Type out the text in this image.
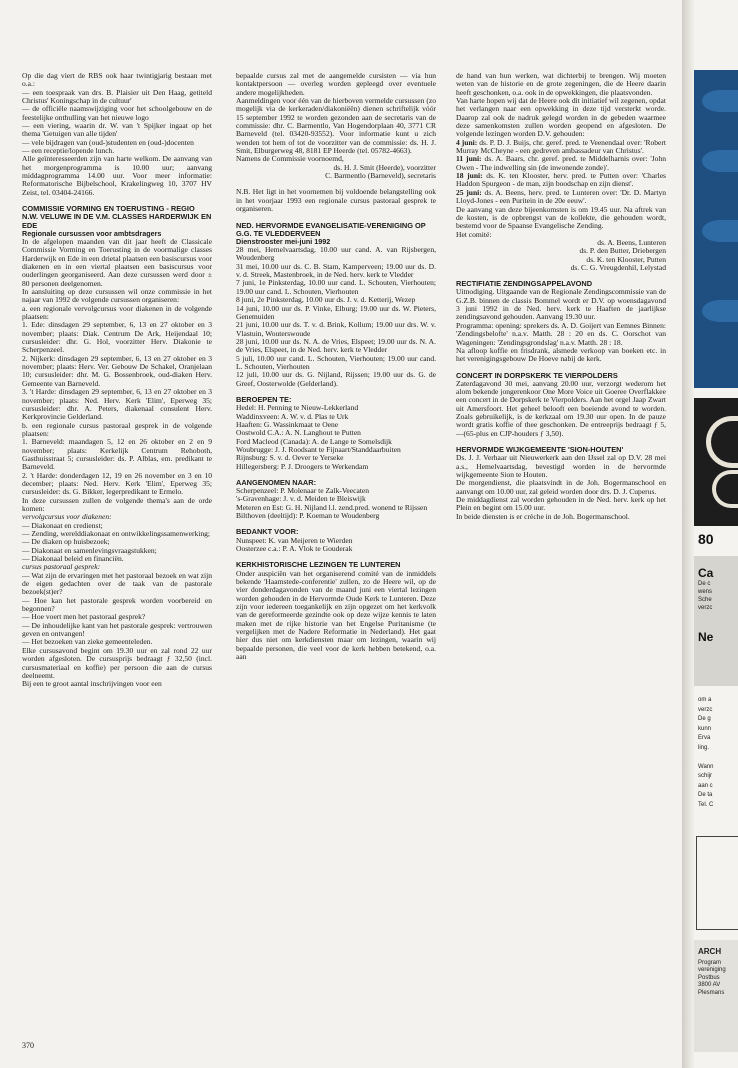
Op die dag viert de RBS ook haar twintigjarig bestaan met o.a.:

— een toespraak van drs. B. Plaisier uit Den Haag, getiteld Christus' Koningschap in de cultuur'

— de officiële naamswijziging voor het schoolgebouw en de feestelijke onthulling van het nieuwe logo

— een viering, waarin dr. W. van 't Spijker ingaat op het thema 'Getuigen van alle tijden'

— vele bijdragen van (oud-)studenten en (oud-)docenten

— een receptie/lopende lunch.

Alle geïnteresseerden zijn van harte welkom. De aanvang van het morgenprogramma is 10.00 uur; aanvang middagprogramma 14.00 uur. Voor meer informatie: Reformatorische Bijbelschool, Krakelingweg 10, 3707 HV Zeist, tel. 03404-24166.

COMMISSIE VORMING EN TOERUSTING - REGIO N.W. VELUWE IN DE V.M. CLASSES HARDERWIJK EN EDE

Regionale cursussen voor ambtsdragers

In de afgelopen maanden van dit jaar heeft de Classicale Commissie Vorming en Toerusting in de voormalige classes Harderwijk en Ede in een drietal plaatsen een basiscursus voor diakenen en in een viertal plaatsen een basiscursus voor ouderlingen georganiseerd. Aan deze cursussen werd door ± 80 personen deelgenomen.

In aansluiting op deze cursussen wil onze commissie in het najaar van 1992 de volgende cursussen organiseren:

a. een regionale vervolgcursus voor diakenen in de volgende plaatsen:

1. Ede: dinsdagen 29 september, 6, 13 en 27 oktober en 3 november; plaats: Diak. Centrum De Ark, Heijendaal 10; cursusleider: dhr. G. Hol, voorzitter Herv. Diakonie te Scherpenzeel.

2. Nijkerk: dinsdagen 29 september, 6, 13 en 27 oktober en 3 november; plaats: Herv. Ver. Gebouw De Schakel, Oranjelaan 10; cursusleider: dhr. M. G. Bossenbroek, oud-diaken Herv. Gemeente van Barneveld.

3. 't Harde: dinsdagen 29 september, 6, 13 en 27 oktober en 3 november; plaats: Ned. Herv. Kerk 'Elim', Eperweg 35; cursusleider: dhr. A. Peters, diakenaal consulent Herv. Kerkprovincie Gelderland.

b. een regionale cursus pastoraal gesprek in de volgende plaatsen:

1. Barneveld: maandagen 5, 12 en 26 oktober en 2 en 9 november; plaats: Kerkelijk Centrum Rehoboth, Gasthuisstraat 5; cursusleider: ds. P. Alblas, em. predikant te Barneveld.

2. 't Harde: donderdagen 12, 19 en 26 november en 3 en 10 december; plaats: Ned. Herv. Kerk 'Elim', Eperweg 35; cursusleider: ds. G. Bikker, legerpredikant te Ermelo.

In deze cursussen zullen de volgende thema's aan de orde komen:

vervolgcursus voor diakenen:

— Diakonaat en credienst;

— Zending, werelddiakonaat en ontwikkelingssamenwerking;

— De diaken op huisbezoek;

— Diakonaat en samenlevingsvraagstukken;

— Diakonaal beleid en financiën.

cursus pastoraal gesprek:

— Wat zijn de ervaringen met het pastoraal bezoek en wat zijn de eigen gedachten over de taak van de pastorale bezoek(st)er?

— Hoe kan het pastorale gesprek worden voorbereid en begonnen?

— Hoe voert men het pastoraal gesprek?

— De inhoudelijke kant van het pastorale gesprek: vertrouwen geven en ontvangen!

— Het bezoeken van zieke gemeenteleden.

Elke cursusavond begint om 19.30 uur en zal rond 22 uur worden afgesloten. De cursusprijs bedraagt ƒ 32,50 (incl. cursusmateriaal en koffie) per persoon die aan de cursus deelneemt.

Bij een te groot aantal inschrijvingen voor een

bepaalde cursus zal met de aangemelde cursisten — via hun kontaktpersoon — overleg worden gepleegd over eventuele andere mogelijkheden.

Aanmeldingen voor één van de hierboven vermelde cursussen (zo mogelijk via de kerkeraden/diakoniëën) dienen schriftelijk vóór 15 september 1992 te worden gezonden aan de secretaris van de commissie: dhr. C. Barmentlo, Van Hogendorplaan 40, 3771 CR Barneveld (tel. 03420-93552). Voor informatie kunt u zich wenden tot hem of tot de voorzitter van de commissie: ds. H. J. Smit, Elburgerweg 48, 8181 EP Heerde (tel. 05782-4663).

Namens de Commissie voornoemd,

ds. H. J. Smit (Heerde), voorzitter

C. Barmentlo (Barneveld), secretaris

N.B. Het ligt in het voornemen bij voldoende belangstelling ook in het voorjaar 1993 een regionale cursus pastoraal gesprek te organiseren.

NED. HERVORMDE EVANGELISATIE-VERENIGING OP G.G. TE VLEDDERVEEN

Dienstrooster mei-juni 1992

28 mei, Hemelvaartsdag, 10.00 uur cand. A. van Rijsbergen, Woudenberg

31 mei, 10.00 uur ds. C. B. Stam, Kamperveen; 19.00 uur ds. D. v. d. Streek, Mastenbroek, in de Ned. herv. kerk te Vledder

7 juni, 1e Pinksterdag, 10.00 uur cand. L. Schouten, Vierhouten; 19.00 uur cand. L. Schouten, Vierhouten

8 juni, 2e Pinksterdag, 10.00 uur ds. J. v. d. Ketterij, Wezep

14 juni, 10.00 uur ds. P. Vinke, Elburg; 19.00 uur ds. W. Pieters, Genemuiden

21 juni, 10.00 uur ds. T. v. d. Brink, Kollum; 19.00 uur drs. W. v. Vlastuin, Wouterswoude

28 juni, 10.00 uur ds. N. A. de Vries, Elspeet; 19.00 uur ds. N. A. de Vries, Elspeet, in de Ned. herv. kerk te Vledder

5 juli, 10.00 uur cand. L. Schouten, Vierhouten; 19.00 uur cand. L. Schouten, Vierhouten

12 juli, 10.00 uur ds. G. Nijland, Rijssen; 19.00 uur ds. G. de Greef, Oosterwolde (Gelderland).

BEROEPEN TE:

Hedel: H. Penning te Nieuw-Lekkerland

Waddinxveen: A. W. v. d. Plas te Urk

Haaften: G. Wassinkmaat te Oene

Oostwold C.A.: A. N. Langhout te Putten

Ford Macleod (Canada): A. de Lange te Somelsdijk

Woubrugge: J. J. Roodsant te Fijnaart/Standdaarbuiten

Rijnsburg: S. v. d. Oever te Yerseke

Hillegersberg: P. J. Droogers te Werkendam

AANGENOMEN NAAR:

Scherpenzeel: P. Molenaar te Zalk-Veecaten

's-Gravenhage: J. v. d. Meiden te Bleiswijk

Meteren en Est: G. H. Nijland l.l. zend.pred. wonend te Rijssen

Bilthoven (deeltijd): P. Koeman te Woudenberg

BEDANKT VOOR:

Nunspeet: K. van Meijeren te Wierden

Oosterzee c.a.: P. A. Vlok te Gouderak

KERKHISTORISCHE LEZINGEN TE LUNTEREN

Onder auspiciën van het organiserend comité van de inmiddels bekende 'Haamstede-conferentie' zullen, zo de Heere wil, op de vier donderdagavonden van de maand juni een viertal lezingen worden gehouden in de Hervormde Oude Kerk te Lunteren. Deze zijn voor iedereen toegankelijk en zijn opgezet om het kerkvolk van de gereformeerde gezindte ook op deze wijze kennis te laten maken met de rijke historie van het Engelse Puritanisme (te vergelijken met de Nadere Reformatie in Nederland). Het gaat hier dus niet om kerkdiensten maar om lezingen, waarin wij bepaalde personen, die veel voor de kerk hebben betekend, o.a. aan

de hand van hun werken, wat dichterbij te brengen. Wij moeten weten van de historie en de grote zegeningen, die de Heere daarin heeft geschonken, o.a. ook in de opwekkingen, die plaatsvonden.

Van harte hopen wij dat de Heere ook dit initiatief wil zegenen, opdat het verlangen naar een opwekking in deze tijd versterkt worde. Daarop zal ook de nadruk gelegd worden in de gebeden waarmee deze samenkomsten zullen worden geopend en afgesloten. De volgende lezingen worden D.V. gehouden:

4 juni: ds. P. D. J. Buijs, chr. geref. pred. te Veenendaal over: 'Robert Murray McCheyne - een gedreven ambassadeur van Christus'.

11 juni: ds. A. Baars, chr. geref. pred. te Middelharnis over: 'John Owen - The indwelling sin (de inwonende zonde)'.

18 juni: ds. K. ten Klooster, herv. pred. te Putten over: 'Charles Haddon Spurgeon - de man, zijn boodschap en zijn dienst'.

25 juni: ds. A. Beens, herv. pred. te Lunteren over: 'Dr. D. Martyn Lloyd-Jones - een Puritein in de 20e eeuw'.

De aanvang van deze bijeenkomsten is om 19.45 uur. Na aftrek van de kosten, is de opbrengst van de kollekte, die gehouden wordt, bestemd voor de Spaanse Evangelische Zending.

Het comité:

ds. A. Beens, Lunteren

ds. P. den Butter, Driebergen

ds. K. ten Klooster, Putten

ds. C. G. Vreugdenhil, Lelystad

RECTIFIATIE ZENDINGSAPPELAVOND

Uitnodiging. Uitgaande van de Regionale Zendingscommissie van de G.Z.B. binnen de classis Bommel wordt er D.V. op woensdagavond 3 juni 1992 in de Ned. herv. kerk te Haaften de jaarlijkse zendingsavond gehouden. Aanvang 19.30 uur.

Programma: opening: sprekers ds. A. D. Goijert van Eemnes Binnen: 'Zendingsbelofte' n.a.v. Matth. 28 : 20 en ds. C. Oorschot van Wageningen: 'Zendingsgrondslag' n.a.v. Matth. 28 : 18.

Na afloop koffie en frisdrank, alsmede verkoop van boeken etc. in het verenigingsgebouw De Hoeve nabij de kerk.

CONCERT IN DORPSKERK TE VIERPOLDERS

Zaterdagavond 30 mei, aanvang 20.00 uur, verzorgt wederom het alom bekende jongerenkoor One More Voice uit Goeree Overflakkee een concert in de Dorpskerk te Vierpolders. Aan het orgel Jaap Zwart uit Amersfoort. Het geheel belooft een boeiende avond te worden. Zoals gebruikelijk, is de kerkzaal om 19.30 uur open. In de pauze wordt gratis koffie of thee geschonken. De entreeprijs bedraagt ƒ 5,—(65-plus en CJP-houders ƒ 3,50).

HERVORMDE WIJKGEMEENTE 'SION-HOUTEN'

Ds. J. J. Verhaar uit Nieuwerkerk aan den IJssel zal op D.V. 28 mei a.s., Hemelvaartsdag, bevestigd worden in de hervormde wijkgemeente Sion te Houten.

De morgendienst, die plaatsvindt in de Joh. Bogermanschool en aanvangt om 10.00 uur, zal geleid worden door drs. D. J. Cuperus.

De middagdienst zal worden gehouden in de Ned. herv. kerk op het Plein en begint om 15.00 uur.

In beide diensten is er crèche in de Joh. Bogermanschool.

370
80
Ca
De c
wens
Sche
verzc
Ne
om a
verzc
De g
kunn
Erva
ling.

Wann
schijr
aan c
De ta
Tel. C
ARCH
Program
vereniging
Postbus
3800 AV
Plesmans
